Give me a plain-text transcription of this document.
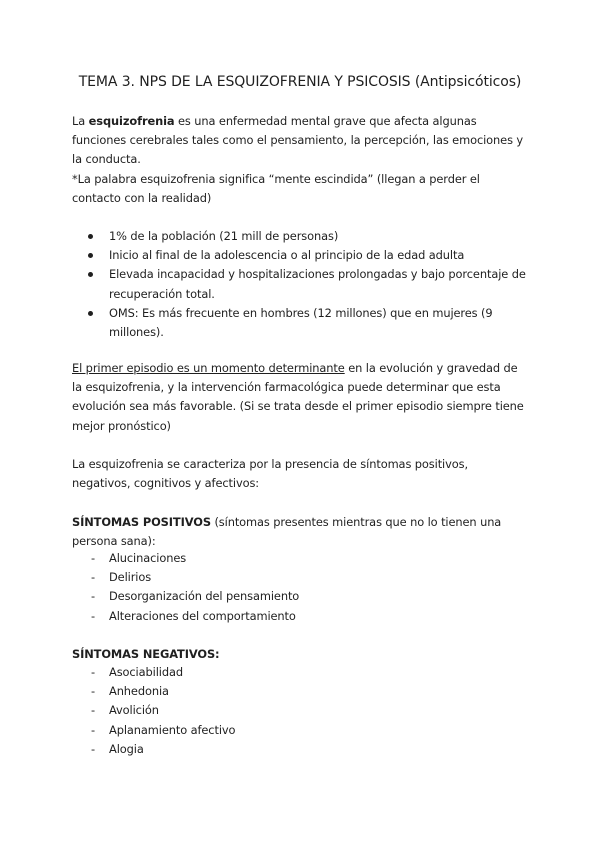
TEMA 3. NPS DE LA ESQUIZOFRENIA Y PSICOSIS (Antipsicóticos)

La esquizofrenia es una enfermedad mental grave que afecta algunas funciones cerebrales tales como el pensamiento, la percepción, las emociones y la conducta.

*La palabra esquizofrenia significa “mente escindida” (llegan a perder el contacto con la realidad)

1% de la población (21 mill de personas)
Inicio al final de la adolescencia o al principio de la edad adulta
Elevada incapacidad y hospitalizaciones prolongadas y bajo porcentaje de recuperación total.
OMS: Es más frecuente en hombres (12 millones) que en mujeres (9 millones).

El primer episodio es un momento determinante en la evolución y gravedad de la esquizofrenia, y la intervención farmacológica puede determinar que esta evolución sea más favorable. (Si se trata desde el primer episodio siempre tiene mejor pronóstico)

La esquizofrenia se caracteriza por la presencia de síntomas positivos, negativos, cognitivos y afectivos:

SÍNTOMAS POSITIVOS (síntomas presentes mientras que no lo tienen una persona sana):

- Alucinaciones
- Delirios
- Desorganización del pensamiento
- Alteraciones del comportamiento

SÍNTOMAS NEGATIVOS:

- Asociabilidad
- Anhedonia
- Avolición
- Aplanamiento afectivo
- Alogia
